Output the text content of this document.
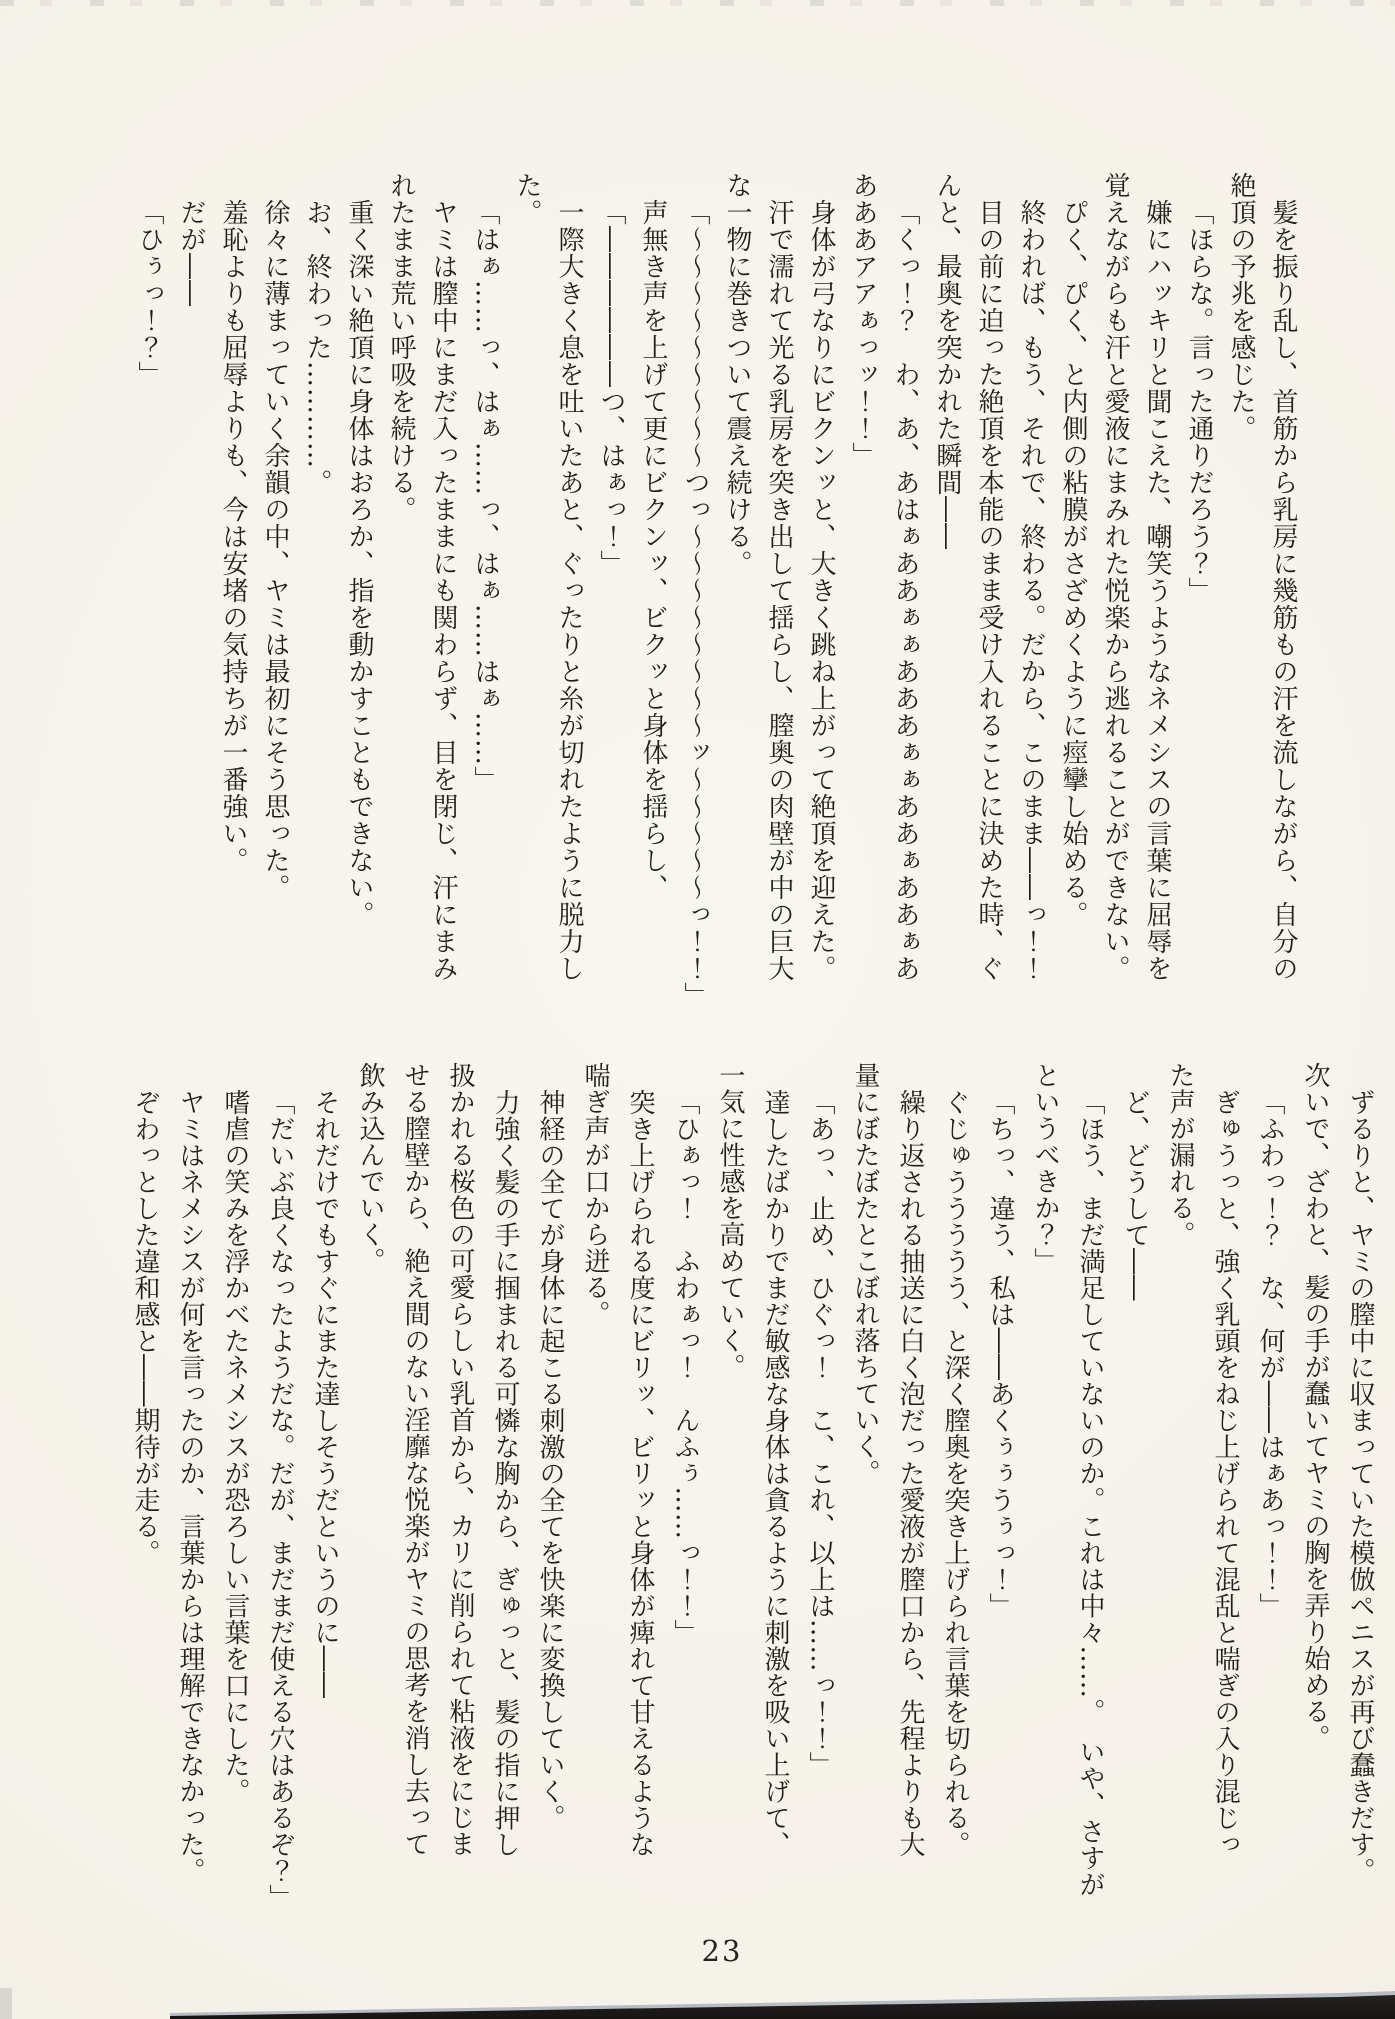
髪を振り乱し、首筋から乳房に幾筋もの汗を流しながら、自分の

絶頂の予兆を感じた。

「ほらな。言った通りだろう？」

嫌にハッキリと聞こえた、嘲笑うようなネメシスの言葉に屈辱を

覚えながらも汗と愛液にまみれた悦楽から逃れることができない。

ぴく、ぴく、と内側の粘膜がさざめくように痙攣し始める。

終われば、もう、それで、終わる。だから、このまま――っ！！

目の前に迫った絶頂を本能のまま受け入れることに決めた時、ぐ

んと、最奥を突かれた瞬間――

「くっ！？　わ、あ、あはぁああぁぁあああぁぁああぁああぁあ

あああアアぁっッ！！」

身体が弓なりにビクンッと、大きく跳ね上がって絶頂を迎えた。

汗で濡れて光る乳房を突き出して揺らし、膣奥の肉壁が中の巨大

な一物に巻きついて震え続ける。

「〜〜〜〜〜〜〜〜〜つっ〜〜〜〜〜〜〜〜ッ〜〜〜〜〜っ！！」

声無き声を上げて更にビクンッ、ビクッと身体を揺らし、

「――――――つ、はぁっ！」

一際大きく息を吐いたあと、ぐったりと糸が切れたように脱力し

た。

「はぁ……っ、はぁ……っ、はぁ……はぁ……」

ヤミは膣中にまだ入ったままにも関わらず、目を閉じ、汗にまみ

れたまま荒い呼吸を続ける。

重く深い絶頂に身体はおろか、指を動かすこともできない。

お、終わった…………。

徐々に薄まっていく余韻の中、ヤミは最初にそう思った。

羞恥よりも屈辱よりも、今は安堵の気持ちが一番強い。

だが――

「ひぅっ！？」

ずるりと、ヤミの膣中に収まっていた模倣ペニスが再び蠢きだす。

次いで、ざわと、髪の手が蠢いてヤミの胸を弄り始める。

「ふわっ！？　な、何が――はぁあっ！！」

ぎゅうっと、強く乳頭をねじ上げられて混乱と喘ぎの入り混じっ

た声が漏れる。

ど、どうして――

「ほう、まだ満足していないのか。これは中々……。　いや、さすが

というべきか？」

「ちっ、違う、私は――あくぅぅうぅっ！」

ぐじゅううううう、と深く膣奥を突き上げられ言葉を切られる。

繰り返される抽送に白く泡だった愛液が膣口から、先程よりも大

量にぼたぼたとこぼれ落ちていく。

「あっ、止め、ひぐっ！　こ、これ、以上は……っ！！」

達したばかりでまだ敏感な身体は貪るように刺激を吸い上げて、

一気に性感を高めていく。

「ひぁっ！　ふわぁっ！　んふぅ……っ！！」

突き上げられる度にビリッ、ビリッと身体が痺れて甘えるような

喘ぎ声が口から迸る。

神経の全てが身体に起こる刺激の全てを快楽に変換していく。

力強く髪の手に掴まれる可憐な胸から、ぎゅっと、髪の指に押し

扱かれる桜色の可愛らしい乳首から、カリに削られて粘液をにじま

せる膣壁から、絶え間のない淫靡な悦楽がヤミの思考を消し去って

飲み込んでいく。

それだけでもすぐにまた達しそうだというのに――

「だいぶ良くなったようだな。だが、まだまだ使える穴はあるぞ？」

嗜虐の笑みを浮かべたネメシスが恐ろしい言葉を口にした。

ヤミはネメシスが何を言ったのか、言葉からは理解できなかった。

ぞわっとした違和感と――期待が走る。

23
